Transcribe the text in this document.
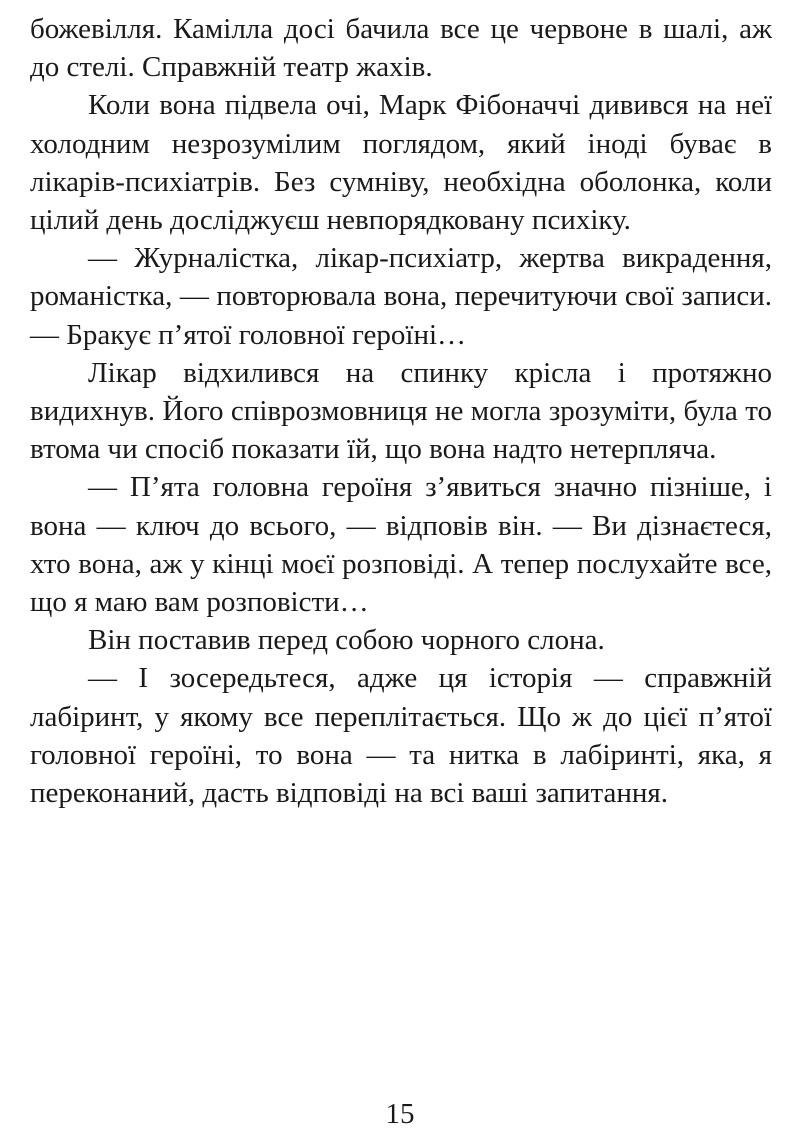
божевілля. Камілла досі бачила все це червоне в шалі, аж до стелі. Справжній театр жахів.

Коли вона підвела очі, Марк Фібоначчі дивився на неї холодним незрозумілим поглядом, який іноді буває в лікарів-психіатрів. Без сумніву, необхідна оболонка, коли цілий день досліджуєш невпорядковану психіку.

— Журналістка, лікар-психіатр, жертва викрадення, романістка, — повторювала вона, перечитуючи свої записи. — Бракує п’ятої головної героїні…

Лікар відхилився на спинку крісла і протяжно видихнув. Його співрозмовниця не могла зрозуміти, була то втома чи спосіб показати їй, що вона надто нетерпляча.

— П’ята головна героїня з’явиться значно пізніше, і вона — ключ до всього, — відповів він. — Ви дізнаєтеся, хто вона, аж у кінці моєї розповіді. А тепер послухайте все, що я маю вам розповісти…

Він поставив перед собою чорного слона.

— І зосередьтеся, адже ця історія — справжній лабіринт, у якому все переплітається. Що ж до цієї п’ятої головної героїні, то вона — та нитка в лабіринті, яка, я переконаний, дасть відповіді на всі ваші запитання.

15
